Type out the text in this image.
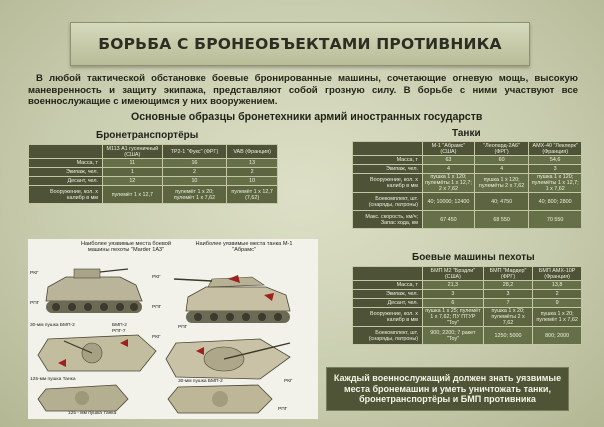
БОРЬБА С БРОНЕОБЪЕКТАМИ ПРОТИВНИКА

В любой тактической обстановке боевые бронированные машины, сочетающие огневую мощь, высокую маневренность и защиту экипажа, представляют собой грозную силу. В борьбе с ними участвуют все военнослужащие с имеющимся у них вооружением.

Основные образцы бронетехники армий иностранных государств
Бронетранспортёры
	М113 А1 гусеничный (США)	ТР2-1 "Фукс" (ФРГ)	VAB (Франция)
Масса, т	11	16	13
Экипаж, чел.	1	2	2
Десант, чел.	12	10	10
Вооружение, кол. х калибр в мм	пулемёт 1 х 12,7	пулемёт 1 х 20; пулемёт 1 х 7,62	пулемёт 1 х 12,7 (7,62)
Танки
	М-1 "Абрамс" (США)	"Леопард-2А6" (ФРГ)	АМХ-40 "Леклерк" (Франция)
Масса, т	63	60	54,6
Экипаж, чел.	4	4	3
Вооружение, кол. х калибр в мм	пушка 1 х 120; пулемёты 1 х 12,7; 2 х 7,62	пушка 1 х 120; пулемёты 2 х 7,62	пушка 1 х 120; пулемёты 1 х 12,7; 1 х 7,62
Боекомплект, шт. (снаряды, патроны)	40; 10000; 12400	40; 4750	40; 800; 2800
Макс. скорость, км/ч; Запас хода, км	67 450	68 550	70 550
Боевые машины пехоты
	БМП М2 "Брэдли" (США)	БМП "Мардер" (ФРГ)	БМП АМХ-10Р (Франция)
Масса, т	21,3	28,2	13,8
Экипаж, чел.	3	3	2
Десант, чел.	6	7	9
Вооружение, кол. х калибр в мм	пушка 1 х 25; пулемёт 1 х 7,62; ПУ ПТУР "Тоу"	пушка 1 х 20; пулемёты 2 х 7,62	пушка 1 х 20; пулемёт 1 х 7,62
Боекомплект, шт. (снаряды, патроны)	900; 2200; 7 ракет "Тоу"	1250; 5000	800; 2000
Наиболее уязвимые места боевой машины пехоты "Marder 1А3"
Наиболее уязвимые места танка М-1 "Абрамс"
РКГ
РПГ
РКГ
РПГ
РПГ
30-мм пушка БМП-2	БМП-2
РПГ-7
РКГ
125-мм пушка Танка	30-мм пушка БМП-2	РКГ
125 - мм пушка Танка
РПГ
Каждый военнослужащий должен знать уязвимые места бронемашин и уметь уничтожать танки, бронетранспортёры и БМП противника
